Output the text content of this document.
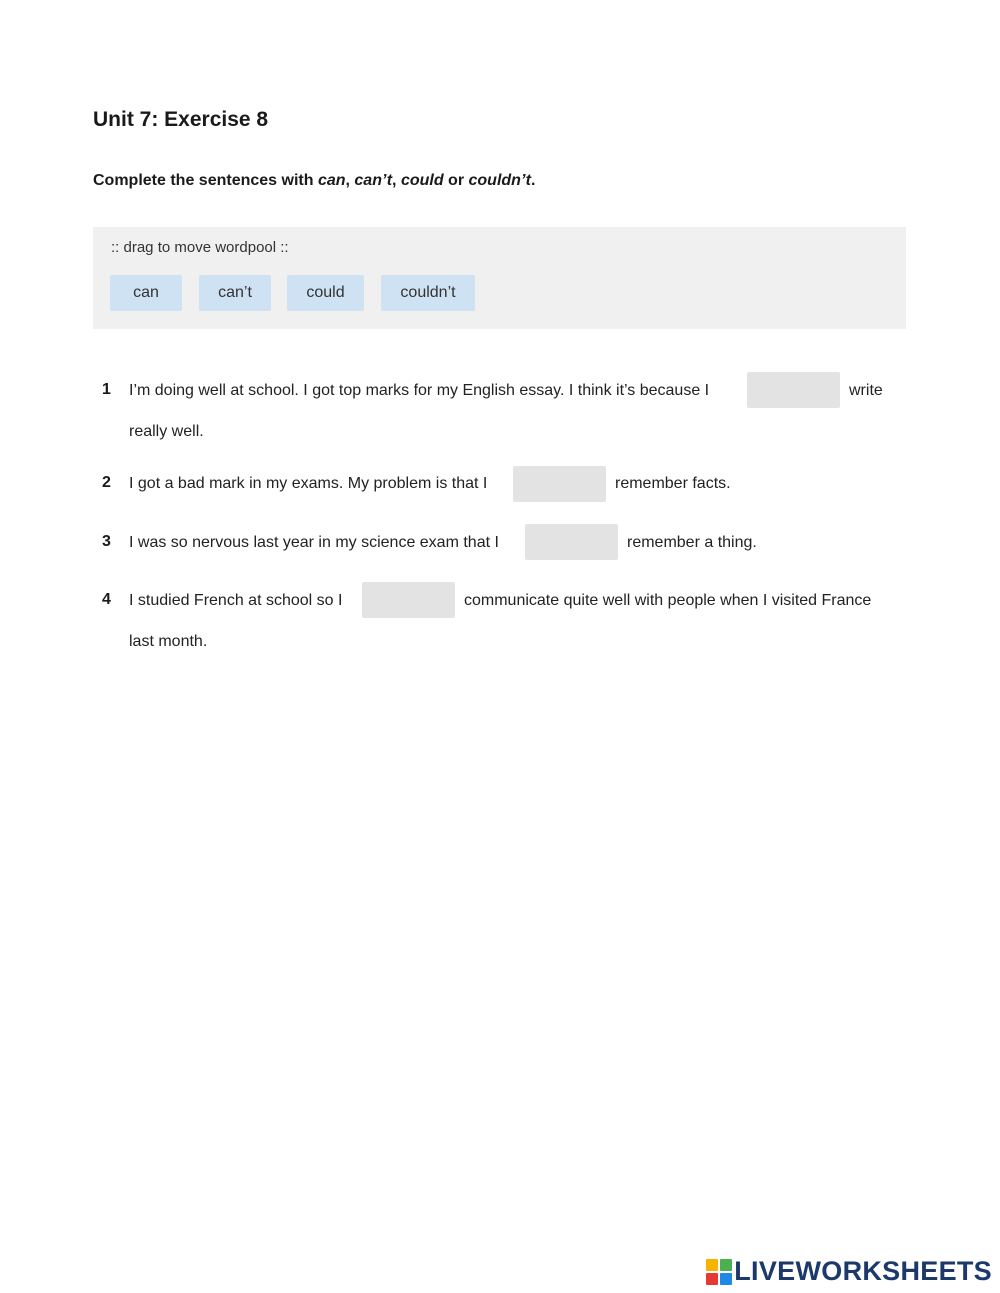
Unit 7: Exercise 8
Complete the sentences with can, can’t, could or couldn’t.
:: drag to move wordpool ::
can	can’t	could	couldn’t
1 I’m doing well at school. I got top marks for my English essay. I think it’s because I	write
really well.
2 I got a bad mark in my exams. My problem is that I	remember facts.
3 I was so nervous last year in my science exam that I	remember a thing.
4 I studied French at school so I	communicate quite well with people when I visited France
last month.
LIVEWORKSHEETS
